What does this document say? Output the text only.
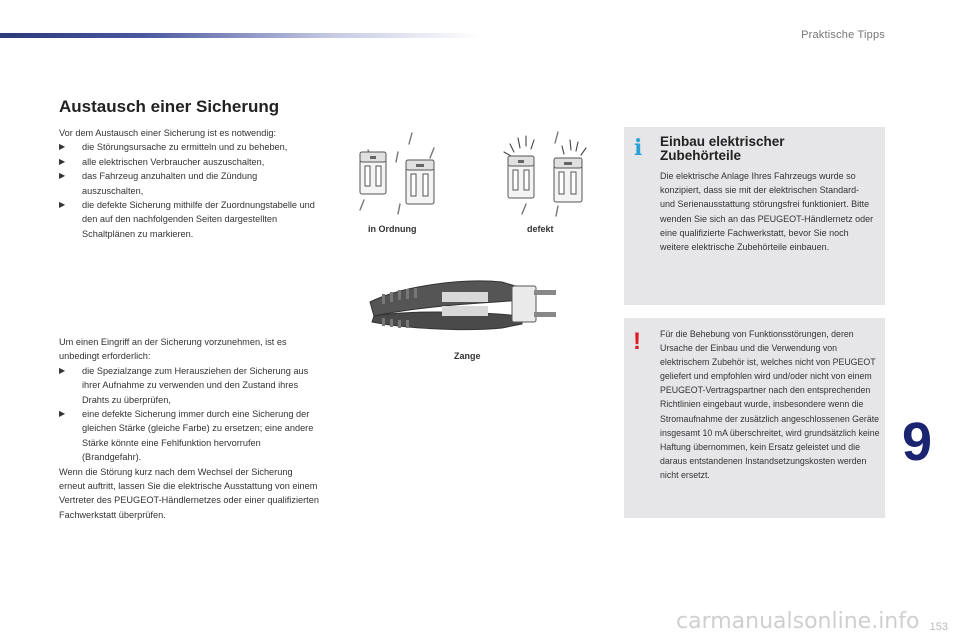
Praktische Tipps
Austausch einer Sicherung

Vor dem Austausch einer Sicherung ist es notwendig:

▶ die Störungsursache zu ermitteln und zu beheben,
▶ alle elektrischen Verbraucher auszuschalten,
▶ das Fahrzeug anzuhalten und die Zündung auszuschalten,
▶ die defekte Sicherung mithilfe der Zuordnungstabelle und den auf den nachfolgenden Seiten dargestellten Schaltplänen zu markieren.

Um einen Eingriff an der Sicherung vorzunehmen, ist es unbedingt erforderlich:

▶ die Spezialzange zum Herausziehen der Sicherung aus ihrer Aufnahme zu verwenden und den Zustand ihres Drahts zu überprüfen,
▶ eine defekte Sicherung immer durch eine Sicherung der gleichen Stärke (gleiche Farbe) zu ersetzen; eine andere Stärke könnte eine Fehlfunktion hervorrufen (Brandgefahr).

Wenn die Störung kurz nach dem Wechsel der Sicherung erneut auftritt, lassen Sie die elektrische Ausstattung von einem Vertreter des PEUGEOT-Händlernetzes oder einer qualifizierten Fachwerkstatt überprüfen.

in Ordnung	defekt
Zange
i Einbau elektrischer
Zubehörteile

Die elektrische Anlage Ihres Fahrzeugs wurde so konzipiert, dass sie mit der elektrischen Standard- und Serienausstattung störungsfrei funktioniert. Bitte wenden Sie sich an das PEUGEOT-Händlernetz oder eine qualifizierte Fachwerkstatt, bevor Sie noch weitere elektrische Zubehörteile einbauen.

! Für die Behebung von Funktionsstörungen, deren Ursache der Einbau und die Verwendung von elektrischem Zubehör ist, welches nicht von PEUGEOT geliefert und empfohlen wird und/oder nicht von einem PEUGEOT-Vertragspartner nach den entsprechenden Richtlinien eingebaut wurde, insbesondere wenn die Stromaufnahme der zusätzlich angeschlossenen Geräte insgesamt 10 mA überschreitet, wird grundsätzlich keine Haftung übernommen, kein Ersatz geleistet und die daraus entstandenen Instandsetzungskosten werden nicht ersetzt.

9
carmanualsonline.info 153
